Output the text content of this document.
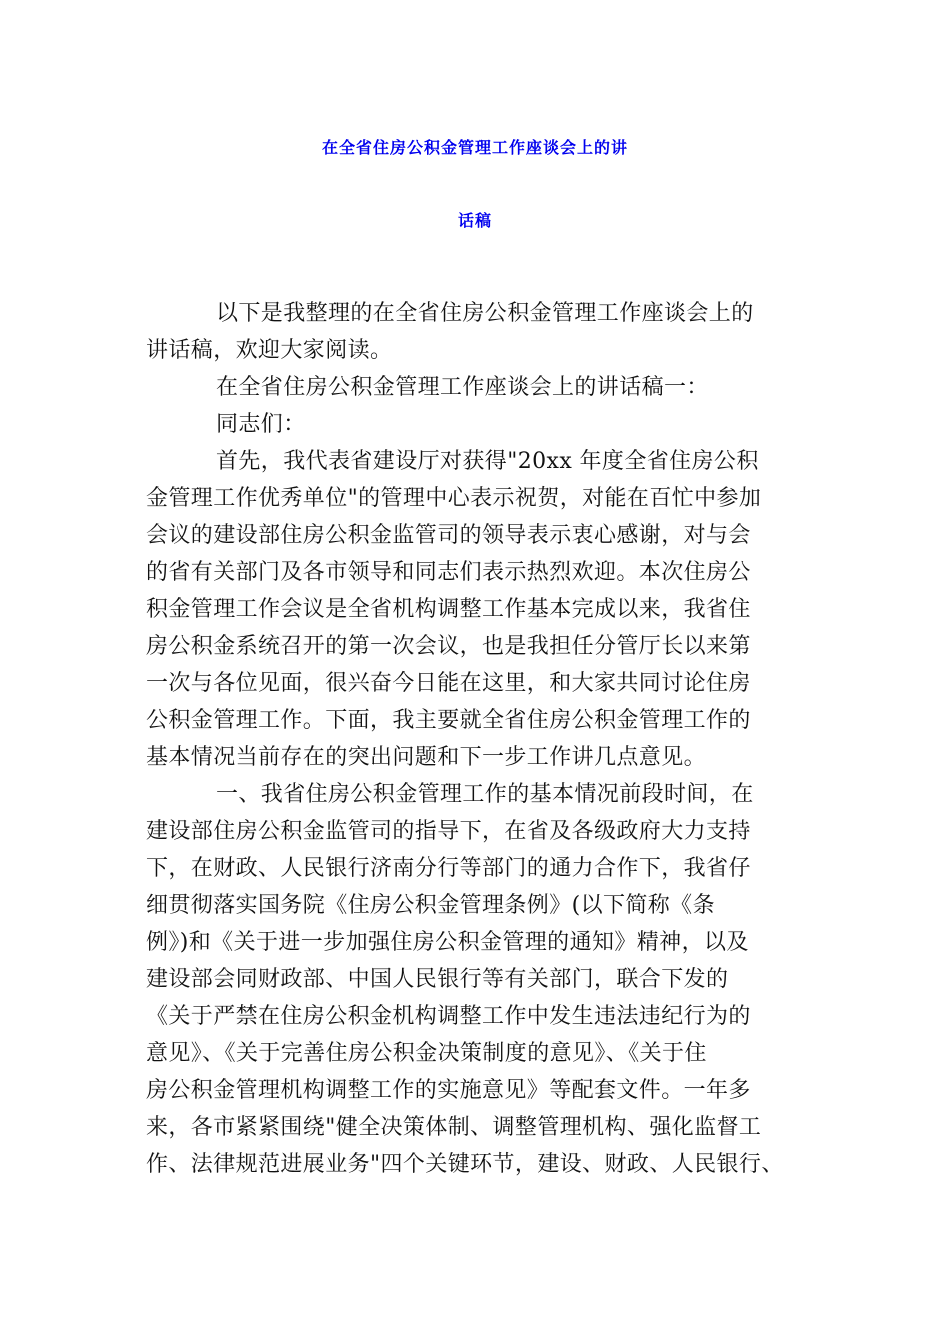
在全省住房公积金管理工作座谈会上的讲
话稿
以下是我整理的在全省住房公积金管理工作座谈会上的
讲话稿，欢迎大家阅读。
在全省住房公积金管理工作座谈会上的讲话稿一：
同志们：
首先，我代表省建设厅对获得"20xx 年度全省住房公积
金管理工作优秀单位"的管理中心表示祝贺，对能在百忙中参加
会议的建设部住房公积金监管司的领导表示衷心感谢，对与会
的省有关部门及各市领导和同志们表示热烈欢迎。本次住房公
积金管理工作会议是全省机构调整工作基本完成以来，我省住
房公积金系统召开的第一次会议，也是我担任分管厅长以来第
一次与各位见面，很兴奋今日能在这里，和大家共同讨论住房
公积金管理工作。下面，我主要就全省住房公积金管理工作的
基本情况当前存在的突出问题和下一步工作讲几点意见。
一、我省住房公积金管理工作的基本情况前段时间，在
建设部住房公积金监管司的指导下，在省及各级政府大力支持
下，在财政、人民银行济南分行等部门的通力合作下，我省仔
细贯彻落实国务院《住房公积金管理条例》(以下简称《条
例》)和《关于进一步加强住房公积金管理的通知》精神，以及
建设部会同财政部、中国人民银行等有关部门，联合下发的
《关于严禁在住房公积金机构调整工作中发生违法违纪行为的
意见》、《关于完善住房公积金决策制度的意见》、《关于住
房公积金管理机构调整工作的实施意见》等配套文件。一年多
来，各市紧紧围绕"健全决策体制、调整管理机构、强化监督工
作、法律规范进展业务"四个关键环节，建设、财政、人民银行、
